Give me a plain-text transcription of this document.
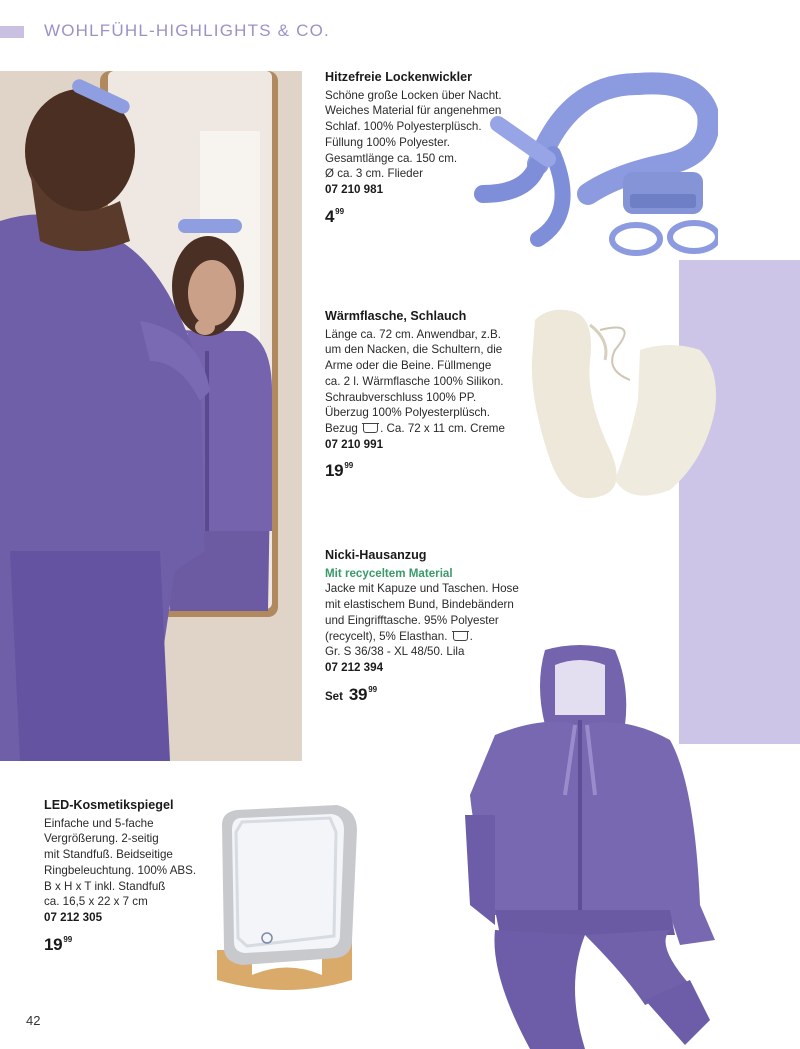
WOHLFÜHL-HIGHLIGHTS & CO.
Hitzefreie Lockenwickler
Schöne große Locken über Nacht.
Weiches Material für angenehmen
Schlaf. 100% Polyesterplüsch.
Füllung 100% Polyester.
Gesamtlänge ca. 150 cm.
Ø ca. 3 cm. Flieder
07 210 981
$4^{99}$
Wärmflasche, Schlauch
Länge ca. 72 cm. Anwendbar, z.B.
um den Nacken, die Schultern, die
Arme oder die Beine. Füllmenge
ca. 2 l. Wärmflasche 100% Silikon.
Schraubverschluss 100% PP.
Überzug 100% Polyesterplüsch.
Bezug . Ca. 72 x 11 cm. Creme
07 210 991
$19^{99}$
Nicki-Hausanzug
Mit recyceltem Material
Jacke mit Kapuze und Taschen. Hose
mit elastischem Bund, Bindebändern
und Eingrifftasche. 95% Polyester
(recycelt), 5% Elasthan. .
Gr. S 36/38 - XL 48/50. Lila
07 212 394
Set $39^{99}$
LED-Kosmetikspiegel
Einfache und 5-fache
Vergrößerung. 2-seitig
mit Standfuß. Beidseitige
Ringbeleuchtung. 100% ABS.
B x H x T inkl. Standfuß
ca. 16,5 x 22 x 7 cm
07 212 305
$19^{99}$
42
